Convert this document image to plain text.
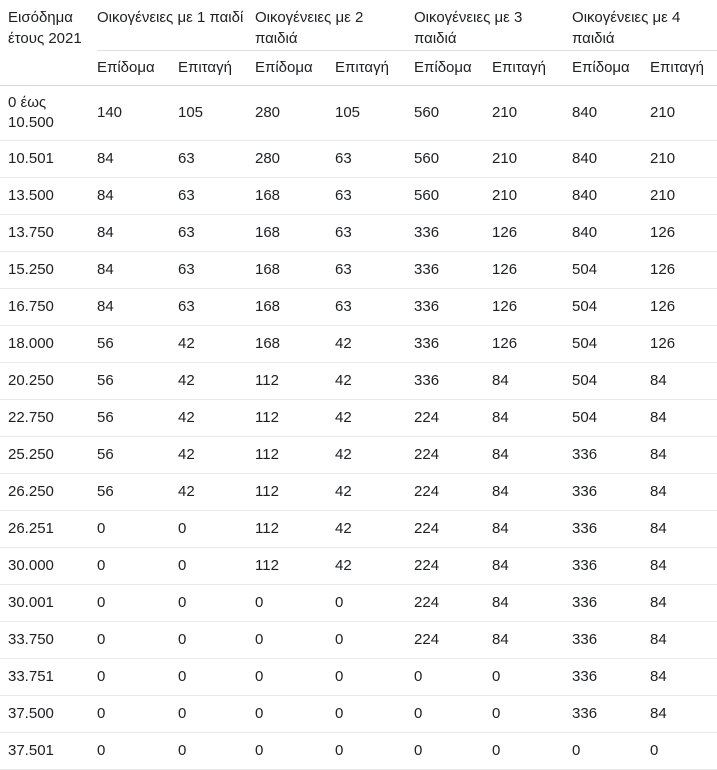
Εισόδημα έτους 2021	Οικογένειες με 1 παιδί		Οικογένειες με 2 παιδιά		Οικογένειες με 3 παιδιά		Οικογένειες με 4 παιδιά	
	Επίδομα	Επιταγή	Επίδομα	Επιταγή	Επίδομα	Επιταγή	Επίδομα	Επιταγή
0 έως 10.500	140	105	280	105	560	210	840	210
10.501	84	63	280	63	560	210	840	210
13.500	84	63	168	63	560	210	840	210
13.750	84	63	168	63	336	126	840	126
15.250	84	63	168	63	336	126	504	126
16.750	84	63	168	63	336	126	504	126
18.000	56	42	168	42	336	126	504	126
20.250	56	42	112	42	336	84	504	84
22.750	56	42	112	42	224	84	504	84
25.250	56	42	112	42	224	84	336	84
26.250	56	42	112	42	224	84	336	84
26.251	0	0	112	42	224	84	336	84
30.000	0	0	112	42	224	84	336	84
30.001	0	0	0	0	224	84	336	84
33.750	0	0	0	0	224	84	336	84
33.751	0	0	0	0	0	0	336	84
37.500	0	0	0	0	0	0	336	84
37.501	0	0	0	0	0	0	0	0
